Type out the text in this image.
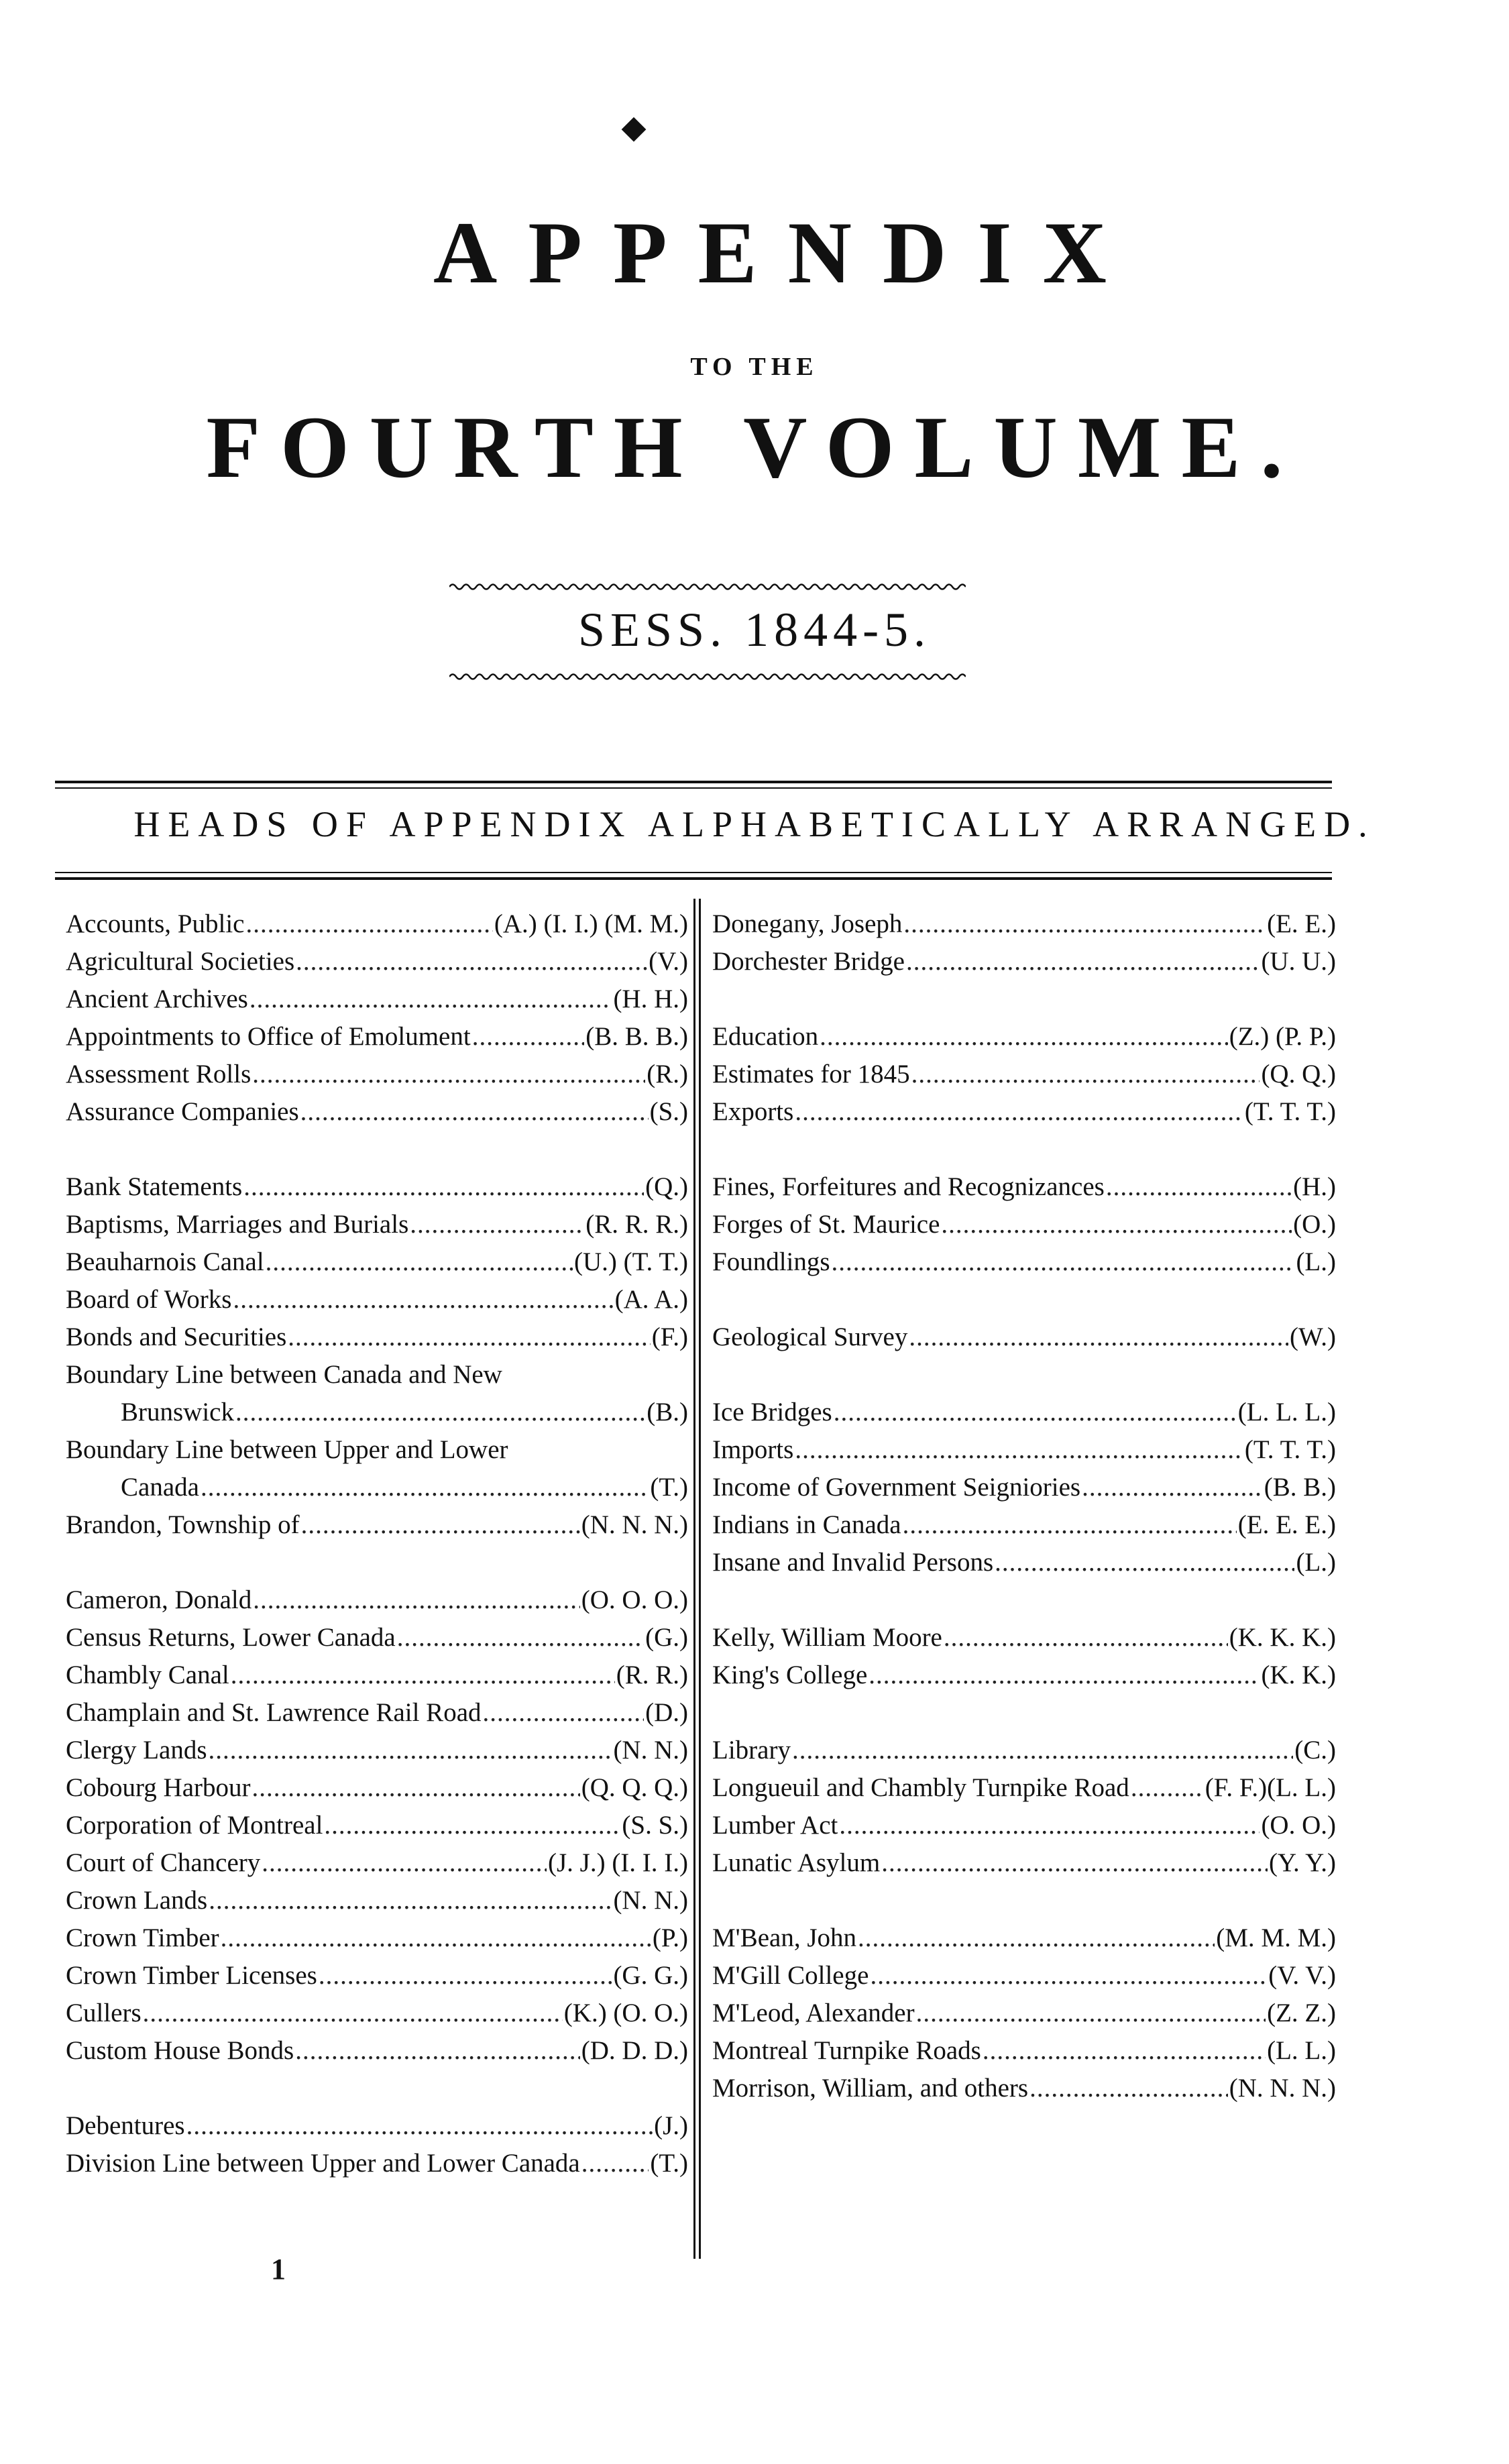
APPENDIX
TO THE
FOURTH VOLUME.
SESS. 1844-5.
HEADS OF APPENDIX ALPHABETICALLY ARRANGED.
Accounts, Public .....	(A.) (I. I.) (M. M.)
Agricultural Societies .....	(V.)
Ancient Archives .....	(H. H.)
Appointments to Office of Emolument .....	(B. B. B.)
Assessment Rolls .....	(R.)
Assurance Companies .....	(S.)
Bank Statements .....	(Q.)
Baptisms, Marriages and Burials .....	(R. R. R.)
Beauharnois Canal .....	(U.) (T. T.)
Board of Works .....	(A. A.)
Bonds and Securities .....	(F.)
Boundary Line between Canada and New
Brunswick .....	(B.)
Boundary Line between Upper and Lower
Canada .....	(T.)
Brandon, Township of .....	(N. N. N.)
Cameron, Donald .....	(O. O. O.)
Census Returns, Lower Canada .....	(G.)
Chambly Canal .....	(R. R.)
Champlain and St. Lawrence Rail Road .....	(D.)
Clergy Lands .....	(N. N.)
Cobourg Harbour .....	(Q. Q. Q.)
Corporation of Montreal .....	(S. S.)
Court of Chancery .....	(J. J.) (I. I. I.)
Crown Lands .....	(N. N.)
Crown Timber .....	(P.)
Crown Timber Licenses .....	(G. G.)
Cullers .....	(K.) (O. O.)
Custom House Bonds .....	(D. D. D.)
Debentures .....	(J.)
Division Line between Upper and Lower Canada .....	(T.)
Donegany, Joseph .....	(E. E.)
Dorchester Bridge .....	(U. U.)
Education .....	(Z.) (P. P.)
Estimates for 1845 .....	(Q. Q.)
Exports .....	(T. T. T.)
Fines, Forfeitures and Recognizances .....	(H.)
Forges of St. Maurice .....	(O.)
Foundlings .....	(L.)
Geological Survey .....	(W.)
Ice Bridges .....	(L. L. L.)
Imports .....	(T. T. T.)
Income of Government Seigniories .....	(B. B.)
Indians in Canada .....	(E. E. E.)
Insane and Invalid Persons .....	(L.)
Kelly, William Moore .....	(K. K. K.)
King's College .....	(K. K.)
Library .....	(C.)
Longueuil and Chambly Turnpike Road .....	(F. F.)(L. L.)
Lumber Act .....	(O. O.)
Lunatic Asylum .....	(Y. Y.)
M'Bean, John .....	(M. M. M.)
M'Gill College .....	(V. V.)
M'Leod, Alexander .....	(Z. Z.)
Montreal Turnpike Roads .....	(L. L.)
Morrison, William, and others .....	(N. N. N.)
1
